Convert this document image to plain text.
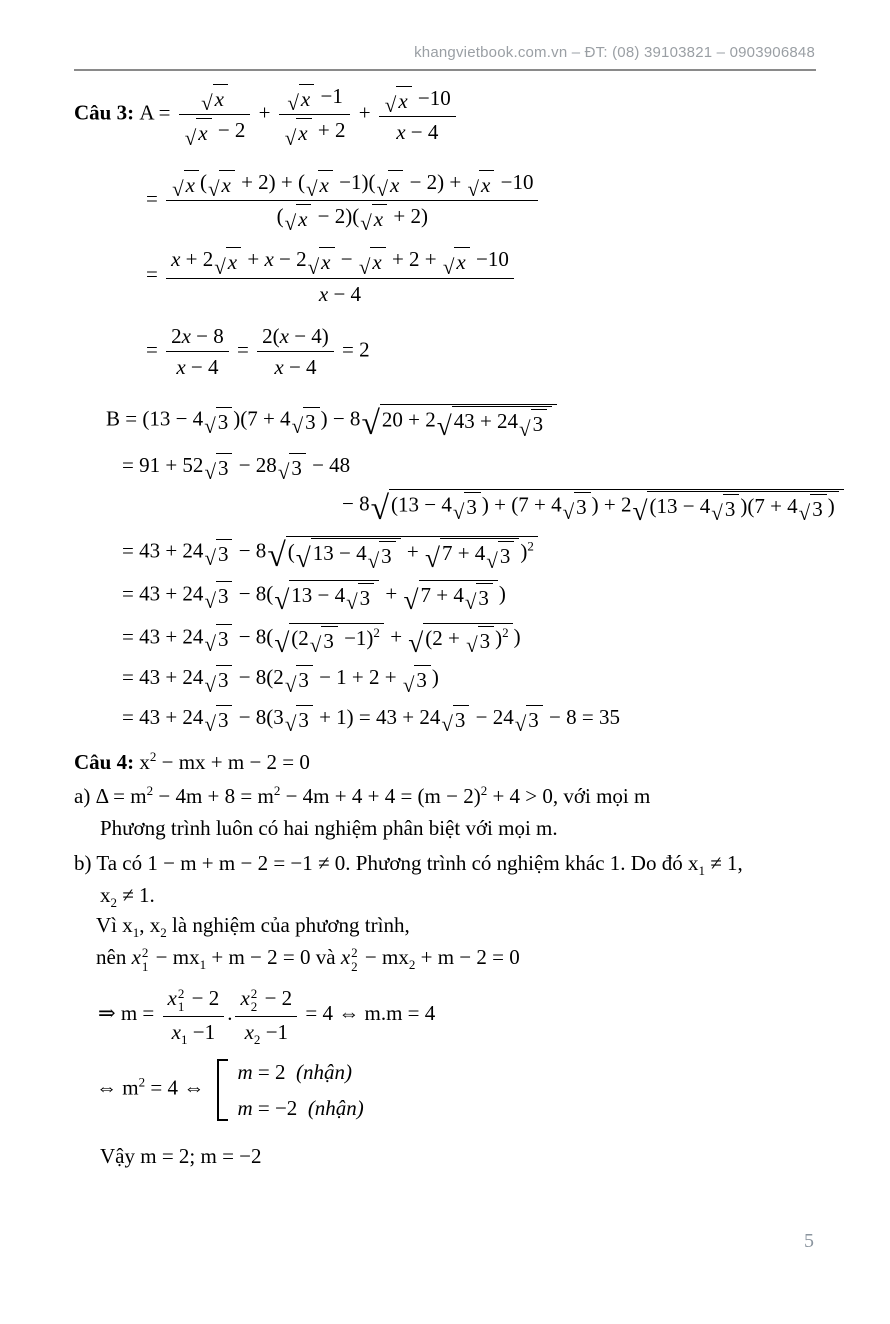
khangvietbook.com.vn – ĐT: (08) 39103821 – 0903906848
Câu 3: $A = \frac{√ x}{√ x - 2} + \frac{√ x -1}{√ x + 2} + \frac{√ x -10}{x - 4}$
= $\frac{√ x ( √ x + 2) + ( √ x -1)( √ x - 2) + √ x -10}{( √ x - 2)( √ x + 2)}$
= $\frac{x + 2 √ x + x - 2 √ x - √ x + 2 + √ x -10}{x - 4}$
= $\frac{2x - 8}{x - 4} = \frac{2(x - 4)}{x - 4} = 2$
B = (13 − 4 √ 3 )(7 + 4 √ 3 ) − 8 √ 20 + 2 √ 43 + 24 √ 3
= 91 + 52 √ 3 − 28 √ 3 − 48
− 8 √ (13 − 4 √ 3 ) + (7 + 4 √ 3 ) + 2 √ (13 − 4 √ 3 )(7 + 4 √ 3 )
= 43 + 24 √ 3 − 8 √ ( √ 13 − 4 √ 3 + √ 7 + 4 √ 3 )$^2$
= 43 + 24 √ 3 − 8( √ 13 − 4 √ 3 + √ 7 + 4 √ 3 )
= 43 + 24 √ 3 − 8( √ (2 √ 3 −1)$^2$ + √ (2 + √ 3 )$^2$ )
= 43 + 24 √ 3 − 8(2 √ 3 − 1 + 2 + √ 3 )
= 43 + 24 √ 3 − 8(3 √ 3 + 1) = 43 + 24 √ 3 − 24 √ 3 − 8 = 35
Câu 4: $x^2$ − mx + m − 2 = 0
a) $\Delta = m^2 - 4m + 8 = m^2 - 4m + 4 + 4 = (m - 2)^2 + 4 > 0$, với mọi m
Phương trình luôn có hai nghiệm phân biệt với mọi m.
b) Ta có 1 − m + m − 2 = −1 ≠ 0. Phương trình có nghiệm khác 1. Do đó $x_1 \ne 1$,
$x_2 \ne 1$.
Vì $x_1$, $x_2$ là nghiệm của phương trình,
nên x 2
$1 - mx_1 + m - 2 = 0$ và x 2
$2 - mx_2 + m - 2 = 0$
⇒ m = x 2
1 − 2
$x_1 -1$ . x 2
2 − 2
$x_2 -1 = 4$ ⇔ m.m = 4
⇔ $m^2 = 4$ ⇔
m = 2  (nhận)
m = −2  (nhận)
Vậy m = 2; m = −2
5
